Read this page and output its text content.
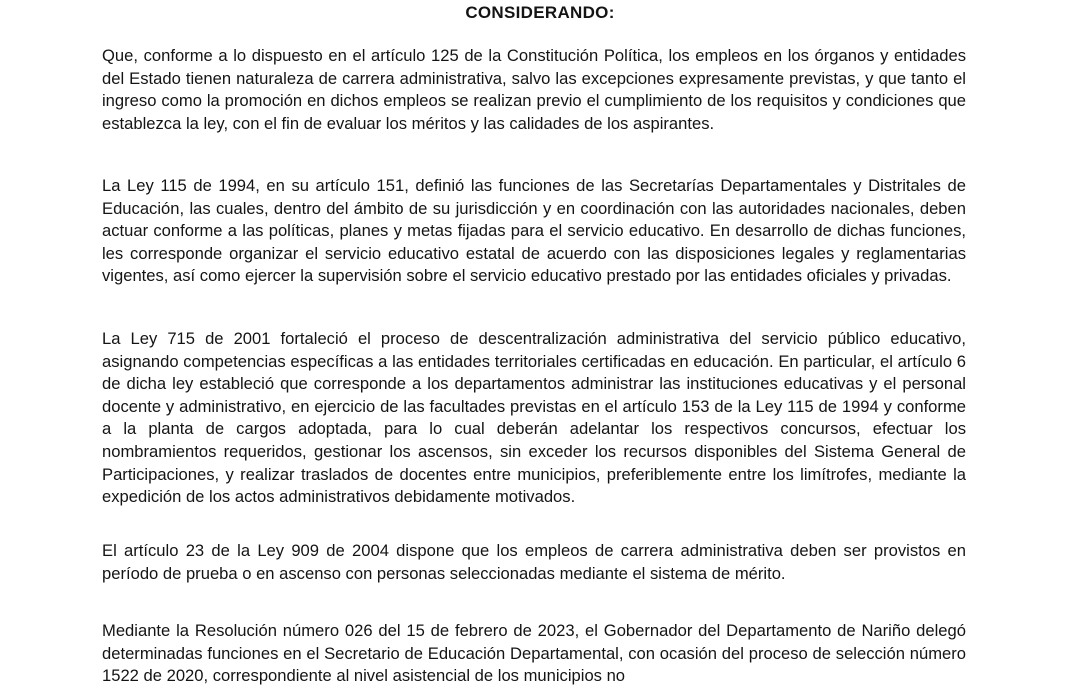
CONSIDERANDO:
Que, conforme a lo dispuesto en el artículo 125 de la Constitución Política, los empleos en los órganos y entidades del Estado tienen naturaleza de carrera administrativa, salvo las excepciones expresamente previstas, y que tanto el ingreso como la promoción en dichos empleos se realizan previo el cumplimiento de los requisitos y condiciones que establezca la ley, con el fin de evaluar los méritos y las calidades de los aspirantes.
La Ley 115 de 1994, en su artículo 151, definió las funciones de las Secretarías Departamentales y Distritales de Educación, las cuales, dentro del ámbito de su jurisdicción y en coordinación con las autoridades nacionales, deben actuar conforme a las políticas, planes y metas fijadas para el servicio educativo. En desarrollo de dichas funciones, les corresponde organizar el servicio educativo estatal de acuerdo con las disposiciones legales y reglamentarias vigentes, así como ejercer la supervisión sobre el servicio educativo prestado por las entidades oficiales y privadas.
La Ley 715 de 2001 fortaleció el proceso de descentralización administrativa del servicio público educativo, asignando competencias específicas a las entidades territoriales certificadas en educación. En particular, el artículo 6 de dicha ley estableció que corresponde a los departamentos administrar las instituciones educativas y el personal docente y administrativo, en ejercicio de las facultades previstas en el artículo 153 de la Ley 115 de 1994 y conforme a la planta de cargos adoptada, para lo cual deberán adelantar los respectivos concursos, efectuar los nombramientos requeridos, gestionar los ascensos, sin exceder los recursos disponibles del Sistema General de Participaciones, y realizar traslados de docentes entre municipios, preferiblemente entre los limítrofes, mediante la expedición de los actos administrativos debidamente motivados.
El artículo 23 de la Ley 909 de 2004 dispone que los empleos de carrera administrativa deben ser provistos en período de prueba o en ascenso con personas seleccionadas mediante el sistema de mérito.
Mediante la Resolución número 026 del 15 de febrero de 2023, el Gobernador del Departamento de Nariño delegó determinadas funciones en el Secretario de Educación Departamental, con ocasión del proceso de selección número 1522 de 2020, correspondiente al nivel asistencial de los municipios no
